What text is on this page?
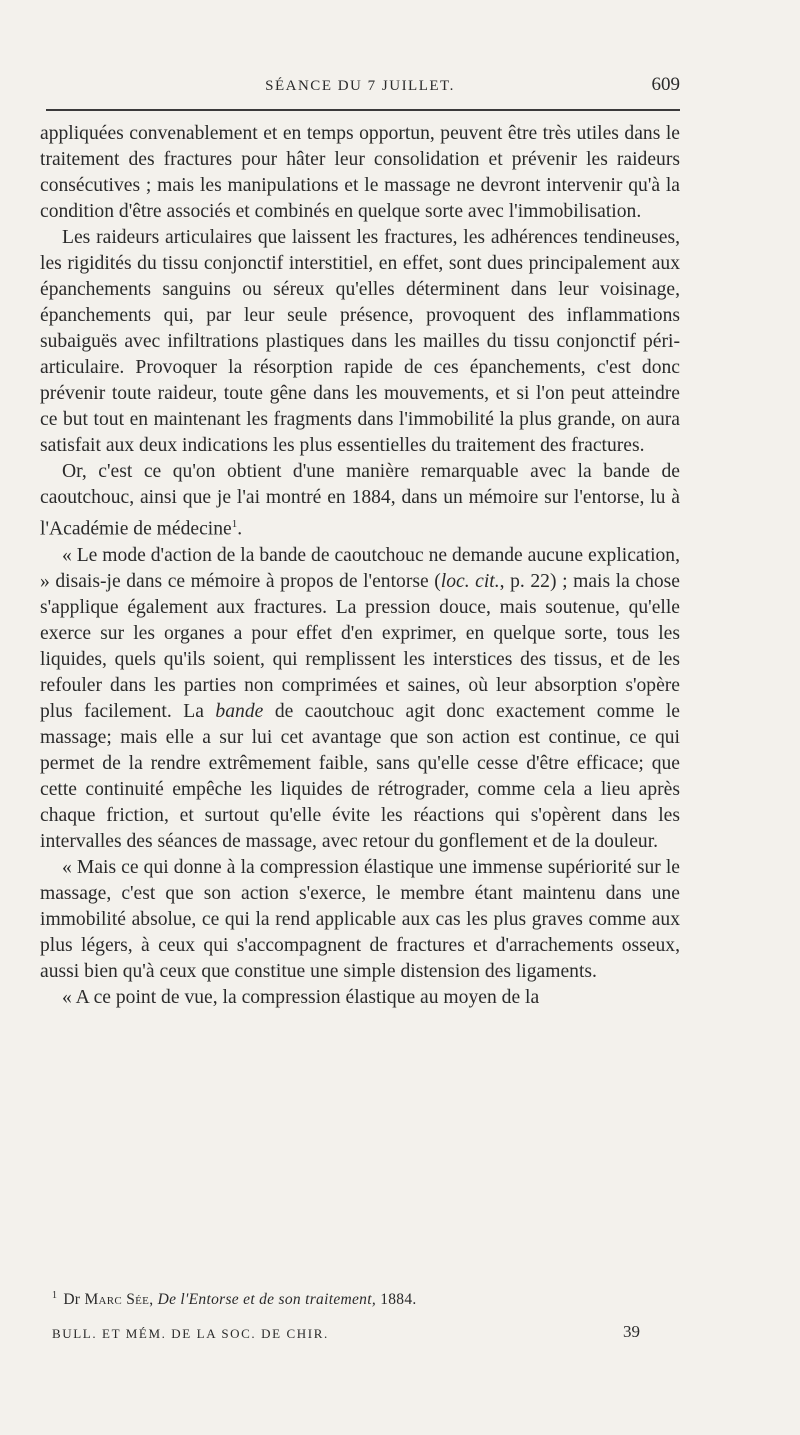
SÉANCE DU 7 JUILLET.	609

appliquées convenablement et en temps opportun, peuvent être très utiles dans le traitement des fractures pour hâter leur consolidation et prévenir les raideurs consécutives ; mais les manipulations et le massage ne devront intervenir qu'à la condition d'être associés et combinés en quelque sorte avec l'immobilisation.

Les raideurs articulaires que laissent les fractures, les adhérences tendineuses, les rigidités du tissu conjonctif interstitiel, en effet, sont dues principalement aux épanchements sanguins ou séreux qu'elles déterminent dans leur voisinage, épanchements qui, par leur seule présence, provoquent des inflammations subaiguës avec infiltrations plastiques dans les mailles du tissu conjonctif péri-articulaire. Provoquer la résorption rapide de ces épanchements, c'est donc prévenir toute raideur, toute gêne dans les mouvements, et si l'on peut atteindre ce but tout en maintenant les fragments dans l'immobilité la plus grande, on aura satisfait aux deux indications les plus essentielles du traitement des fractures.

Or, c'est ce qu'on obtient d'une manière remarquable avec la bande de caoutchouc, ainsi que je l'ai montré en 1884, dans un mémoire sur l'entorse, lu à l'Académie de médecine$^1$.

« Le mode d'action de la bande de caoutchouc ne demande aucune explication, » disais-je dans ce mémoire à propos de l'entorse (loc. cit., p. 22) ; mais la chose s'applique également aux fractures. La pression douce, mais soutenue, qu'elle exerce sur les organes a pour effet d'en exprimer, en quelque sorte, tous les liquides, quels qu'ils soient, qui remplissent les interstices des tissus, et de les refouler dans les parties non comprimées et saines, où leur absorption s'opère plus facilement. La bande de caoutchouc agit donc exactement comme le massage; mais elle a sur lui cet avantage que son action est continue, ce qui permet de la rendre extrêmement faible, sans qu'elle cesse d'être efficace; que cette continuité empêche les liquides de rétrograder, comme cela a lieu après chaque friction, et surtout qu'elle évite les réactions qui s'opèrent dans les intervalles des séances de massage, avec retour du gonflement et de la douleur.

« Mais ce qui donne à la compression élastique une immense supériorité sur le massage, c'est que son action s'exerce, le membre étant maintenu dans une immobilité absolue, ce qui la rend applicable aux cas les plus graves comme aux plus légers, à ceux qui s'accompagnent de fractures et d'arrachements osseux, aussi bien qu'à ceux que constitue une simple distension des ligaments.

« A ce point de vue, la compression élastique au moyen de la

$^1$ Dr Marc Sée, De l'Entorse et de son traitement, 1884.
BULL. ET MÉM. DE LA SOC. DE CHIR.	39
